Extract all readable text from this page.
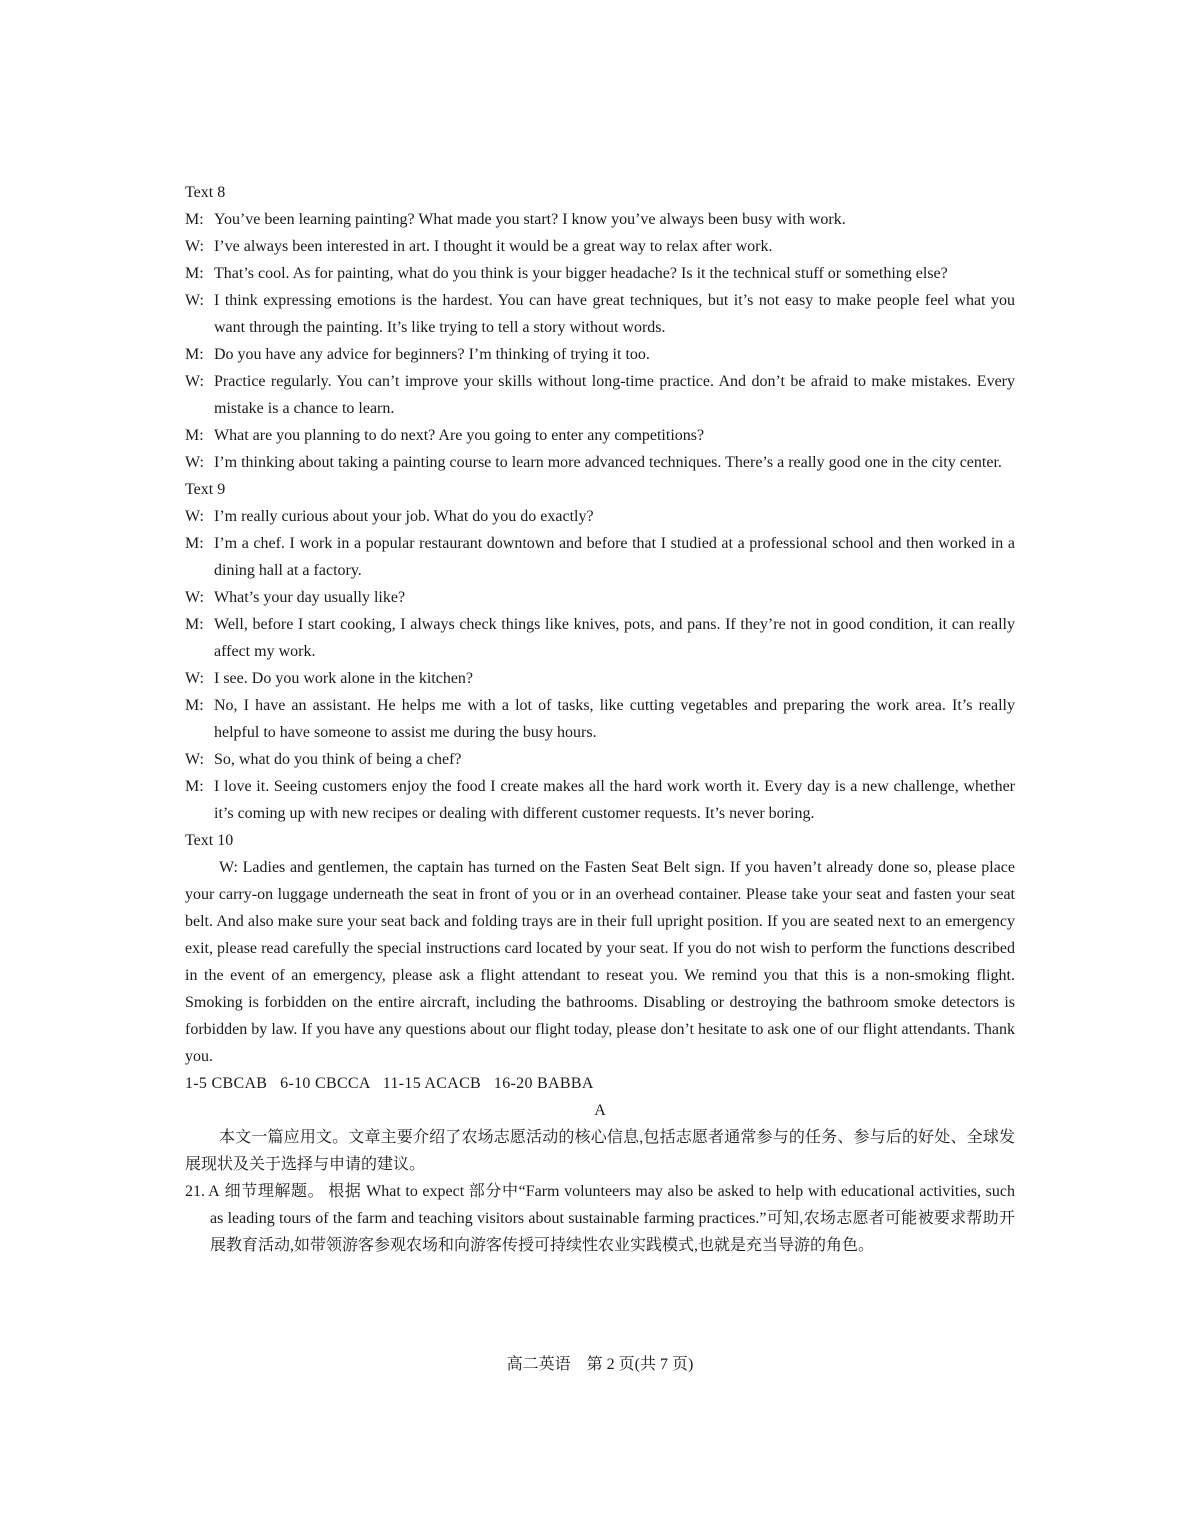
Text 8

M: You’ve been learning painting? What made you start? I know you’ve always been busy with work.

W: I’ve always been interested in art. I thought it would be a great way to relax after work.

M: That’s cool. As for painting, what do you think is your bigger headache? Is it the technical stuff or something else?

W: I think expressing emotions is the hardest. You can have great techniques, but it’s not easy to make people feel what you want through the painting. It’s like trying to tell a story without words.

M: Do you have any advice for beginners? I’m thinking of trying it too.

W: Practice regularly. You can’t improve your skills without long-time practice. And don’t be afraid to make mistakes. Every mistake is a chance to learn.

M: What are you planning to do next? Are you going to enter any competitions?

W: I’m thinking about taking a painting course to learn more advanced techniques. There’s a really good one in the city center.

Text 9

W: I’m really curious about your job. What do you do exactly?

M: I’m a chef. I work in a popular restaurant downtown and before that I studied at a professional school and then worked in a dining hall at a factory.

W: What’s your day usually like?

M: Well, before I start cooking, I always check things like knives, pots, and pans. If they’re not in good condition, it can really affect my work.

W: I see. Do you work alone in the kitchen?

M: No, I have an assistant. He helps me with a lot of tasks, like cutting vegetables and preparing the work area. It’s really helpful to have someone to assist me during the busy hours.

W: So, what do you think of being a chef?

M: I love it. Seeing customers enjoy the food I create makes all the hard work worth it. Every day is a new challenge, whether it’s coming up with new recipes or dealing with different customer requests. It’s never boring.

Text 10

W: Ladies and gentlemen, the captain has turned on the Fasten Seat Belt sign. If you haven’t already done so, please place your carry-on luggage underneath the seat in front of you or in an overhead container. Please take your seat and fasten your seat belt. And also make sure your seat back and folding trays are in their full upright position. If you are seated next to an emergency exit, please read carefully the special instructions card located by your seat. If you do not wish to perform the functions described in the event of an emergency, please ask a flight attendant to reseat you. We remind you that this is a non-smoking flight. Smoking is forbidden on the entire aircraft, including the bathrooms. Disabling or destroying the bathroom smoke detectors is forbidden by law. If you have any questions about our flight today, please don’t hesitate to ask one of our flight attendants. Thank you.

1-5 CBCAB   6-10 CBCCA   11-15 ACACB   16-20 BABBA

A

本文一篇应用文。文章主要介绍了农场志愿活动的核心信息,包括志愿者通常参与的任务、参与后的好处、全球发展现状及关于选择与申请的建议。

21. A 细节理解题。 根据 What to expect 部分中“Farm volunteers may also be asked to help with educational activities, such as leading tours of the farm and teaching visitors about sustainable farming practices.”可知,农场志愿者可能被要求帮助开展教育活动,如带领游客参观农场和向游客传授可持续性农业实践模式,也就是充当导游的角色。

高二英语　第 2 页(共 7 页)
